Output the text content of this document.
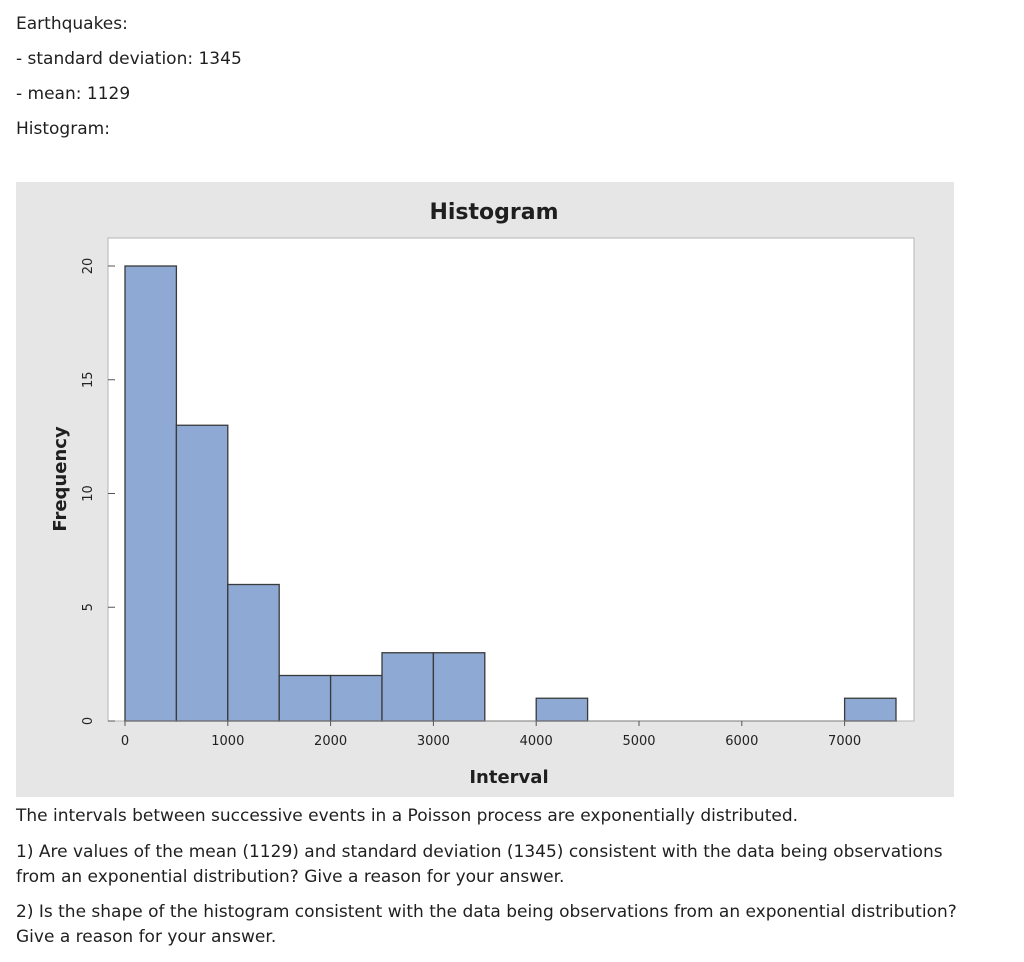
Earthquakes:
- standard deviation: 1345
- mean: 1129
Histogram:
Histogram
0	1000	2000	3000	4000	5000	6000	7000
0
5
10
15
20
Interval
Frequency
The intervals between successive events in a Poisson process are exponentially distributed.
1) Are values of the mean (1129) and standard deviation (1345) consistent with the data being observations from an exponential distribution? Give a reason for your answer.
2) Is the shape of the histogram consistent with the data being observations from an exponential distribution? Give a reason for your answer.
